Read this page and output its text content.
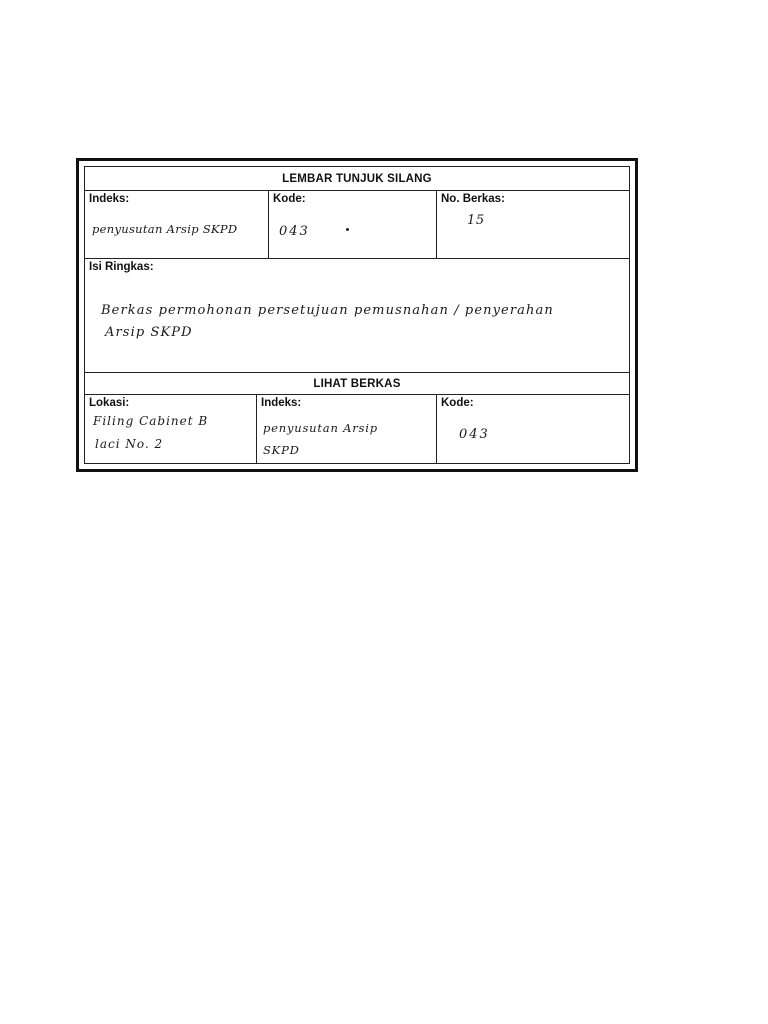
LEMBAR TUNJUK SILANG
Indeks:
penyusutan Arsip SKPD
Kode:
043
No. Berkas:
15
Isi Ringkas:
Berkas permohonan persetujuan pemusnahan / penyerahan
Arsip SKPD
LIHAT BERKAS
Lokasi:
Filing Cabinet B
laci No. 2
Indeks:
penyusutan Arsip
SKPD
Kode:
043
